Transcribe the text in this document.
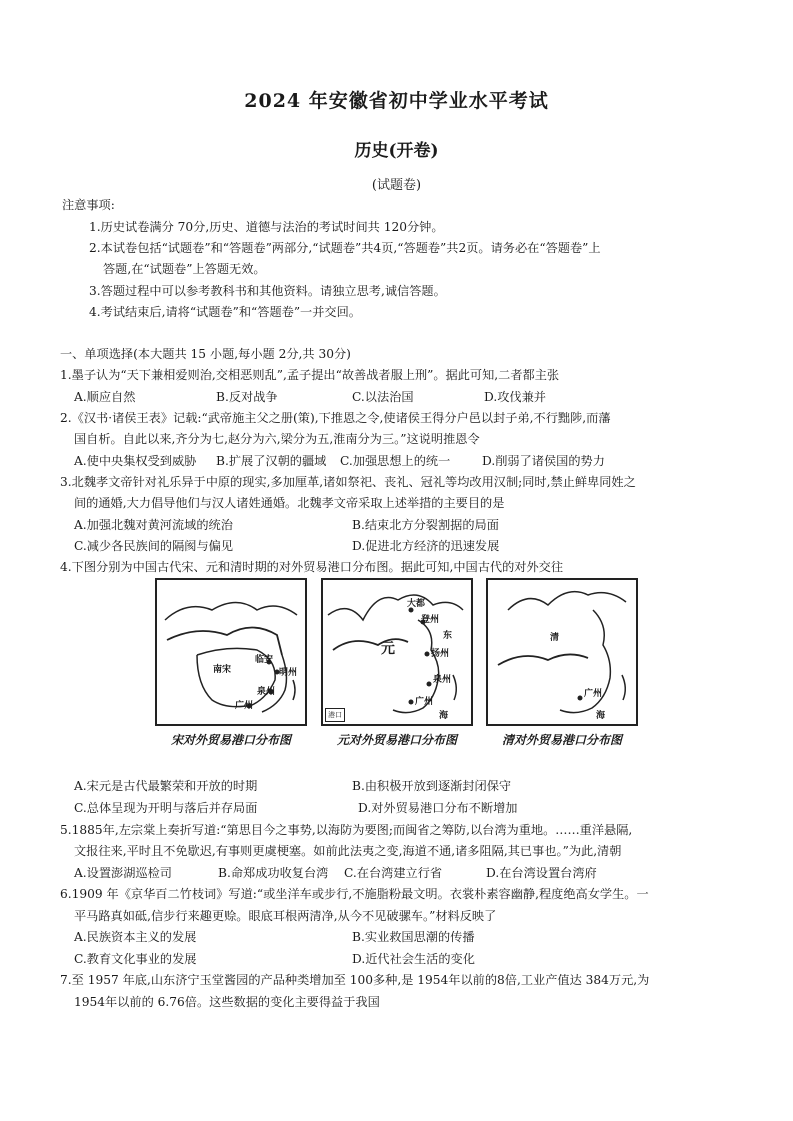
2024 年安徽省初中学业水平考试
历史(开卷)
(试题卷)
注意事项:
1.历史试卷满分 70分,历史、道德与法治的考试时间共 120分钟。
2.本试卷包括“试题卷”和“答题卷”两部分,“试题卷”共4页,“答题卷”共2页。请务必在“答题卷”上
答题,在“试题卷”上答题无效。
3.答题过程中可以参考教科书和其他资料。请独立思考,诚信答题。
4.考试结束后,请将“试题卷”和“答题卷”一并交回。
一、单项选择(本大题共 15 小题,每小题 2分,共 30分)
1.墨子认为“天下兼相爱则治,交相恶则乱”,孟子提出“故善战者服上刑”。据此可知,二者都主张
A.顺应自然	B.反对战争	C.以法治国	D.攻伐兼并
2.《汉书·诸侯王表》记载:“武帝施主父之册(策),下推恩之令,使诸侯王得分户邑以封子弟,不行黜陟,而藩
国自析。自此以来,齐分为七,赵分为六,梁分为五,淮南分为三。”这说明推恩令
A.使中央集权受到威胁 B.扩展了汉朝的疆域 C.加强思想上的统一	D.削弱了诸侯国的势力
3.北魏孝文帝针对礼乐异于中原的现实,多加厘革,诸如祭祀、丧礼、冠礼等均改用汉制;同时,禁止鲜卑同姓之
间的通婚,大力倡导他们与汉人诸姓通婚。北魏孝文帝采取上述举措的主要目的是
A.加强北魏对黄河流域的统治	B.结束北方分裂割据的局面
C.减少各民族间的隔阂与偏见	D.促进北方经济的迅速发展
4.下图分别为中国古代宋、元和清时期的对外贸易港口分布图。据此可知,中国古代的对外交往
南宋
临安
明州
泉州
广州
宋对外贸易港口分布图
大都
登州
东
元	扬州
泉州
广州
海
港口
元对外贸易港口分布图
清
广州
海
清对外贸易港口分布图
A.宋元是古代最繁荣和开放的时期	B.由积极开放到逐渐封闭保守
C.总体呈现为开明与落后并存局面	D.对外贸易港口分布不断增加
5.1885年,左宗棠上奏折写道:“第思目今之事势,以海防为要图;而闽省之筹防,以台湾为重地。……重洋悬隔,
文报往来,平时且不免歇迟,有事则更虞梗塞。如前此法夷之变,海道不通,诸多阻隔,其已事也。”为此,清朝
A.设置澎湖巡检司	B.命郑成功收复台湾 C.在台湾建立行省	D.在台湾设置台湾府
6.1909 年《京华百二竹枝词》写道:“或坐洋车或步行,不施脂粉最文明。衣裳朴素容幽静,程度绝高女学生。一
平马路真如砥,信步行来趣更赊。眼底耳根两清净,从今不见破骡车。”材料反映了
A.民族资本主义的发展	B.实业救国思潮的传播
C.教育文化事业的发展	D.近代社会生活的变化
7.至 1957 年底,山东济宁玉堂酱园的产品种类增加至 100多种,是 1954年以前的8倍,工业产值达 384万元,为
1954年以前的 6.76倍。这些数据的变化主要得益于我国
